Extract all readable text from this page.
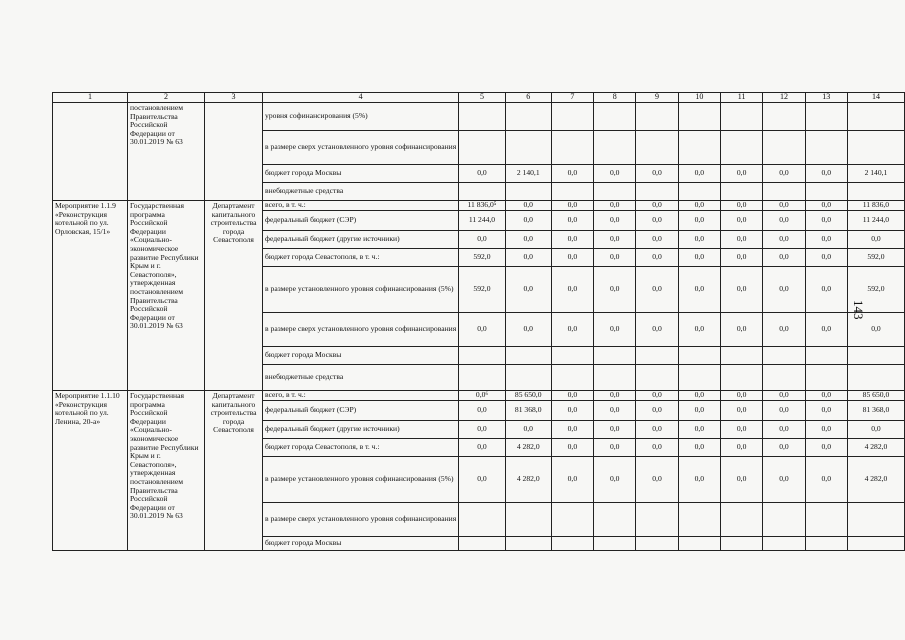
143
1	2	3	4	5	6	7	8	9	10	11	12	13	14
	постановлением Правительства Российской Федерации от 30.01.2019 № 63		уровня софинансирования (5%)										
			в размере сверх установленного уровня софинансирования										
			бюджет города Москвы	0,0	2 140,1	0,0	0,0	0,0	0,0	0,0	0,0	0,0	2 140,1
			внебюджетные средства										
Мероприятие 1.1.9 «Реконструкция котельной по ул. Орловская, 15/1»	Государственная программа Российской Федерации «Социально-экономическое развитие Республики Крым и г. Севастополя», утвержденная постановлением Правительства Российской Федерации от 30.01.2019 № 63	Департамент капитального строительства города Севастополя	всего, в т. ч.:	11 836,0⁵	0,0	0,0	0,0	0,0	0,0	0,0	0,0	0,0	11 836,0
			федеральный бюджет (СЭР)	11 244,0	0,0	0,0	0,0	0,0	0,0	0,0	0,0	0,0	11 244,0
			федеральный бюджет (другие источники)	0,0	0,0	0,0	0,0	0,0	0,0	0,0	0,0	0,0	0,0
			бюджет города Севастополя, в т. ч.:	592,0	0,0	0,0	0,0	0,0	0,0	0,0	0,0	0,0	592,0
			в размере установленного уровня софинансирования (5%)	592,0	0,0	0,0	0,0	0,0	0,0	0,0	0,0	0,0	592,0
			в размере сверх установленного уровня софинансирования	0,0	0,0	0,0	0,0	0,0	0,0	0,0	0,0	0,0	0,0
			бюджет города Москвы										
			внебюджетные средства										
Мероприятие 1.1.10 «Реконструкция котельной по ул. Ленина, 20-а»	Государственная программа Российской Федерации «Социально-экономическое развитие Республики Крым и г. Севастополя», утвержденная постановлением Правительства Российской Федерации от 30.01.2019 № 63	Департамент капитального строительства города Севастополя	всего, в т. ч.:	0,0⁶	85 650,0	0,0	0,0	0,0	0,0	0,0	0,0	0,0	85 650,0
			федеральный бюджет (СЭР)	0,0	81 368,0	0,0	0,0	0,0	0,0	0,0	0,0	0,0	81 368,0
			федеральный бюджет (другие источники)	0,0	0,0	0,0	0,0	0,0	0,0	0,0	0,0	0,0	0,0
			бюджет города Севастополя, в т. ч.:	0,0	4 282,0	0,0	0,0	0,0	0,0	0,0	0,0	0,0	4 282,0
			в размере установленного уровня софинансирования (5%)	0,0	4 282,0	0,0	0,0	0,0	0,0	0,0	0,0	0,0	4 282,0
			в размере сверх установленного уровня софинансирования										
			бюджет города Москвы										
